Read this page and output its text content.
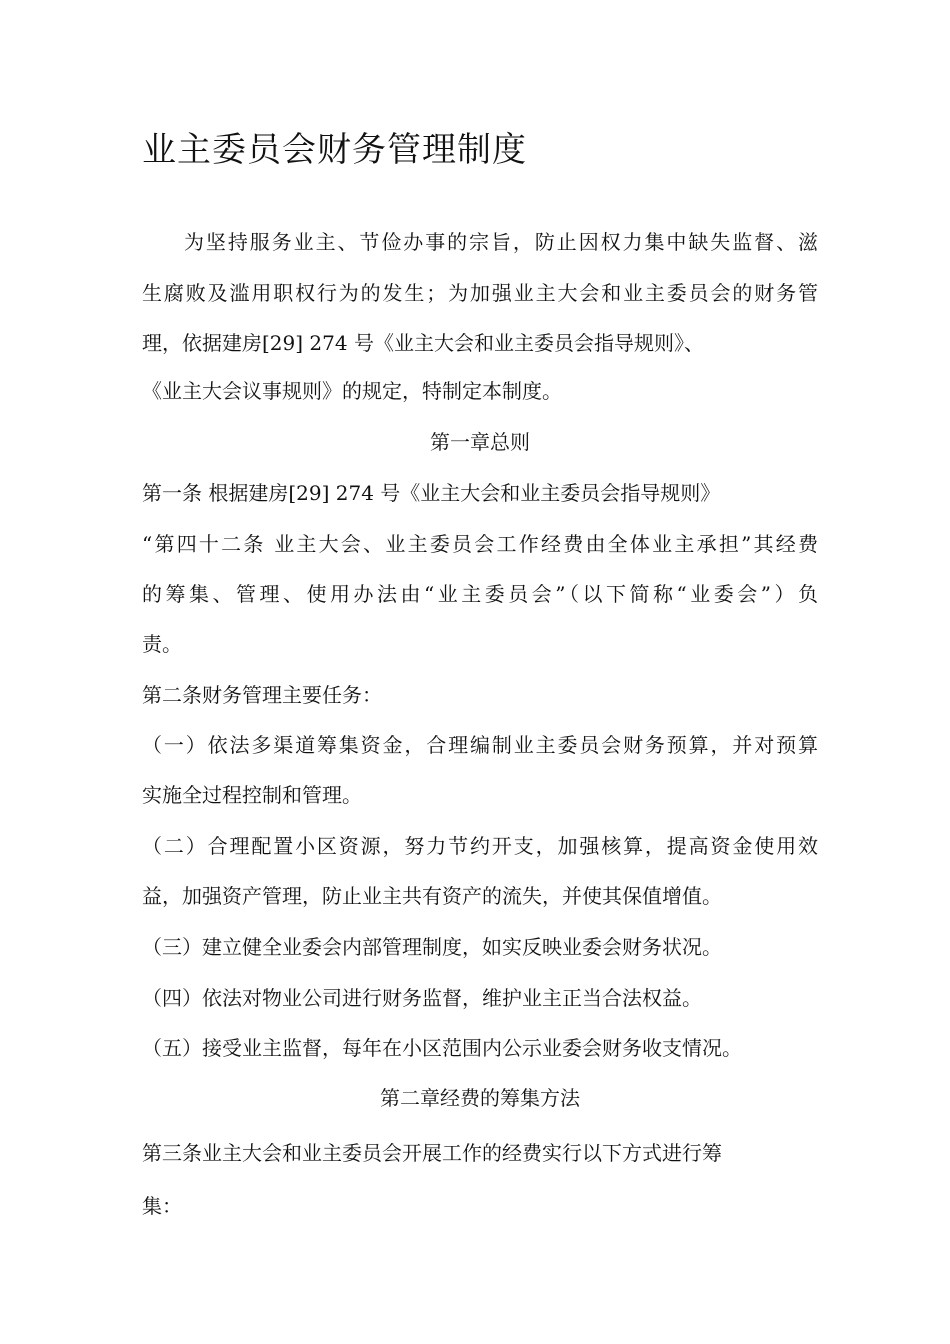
业主委员会财务管理制度

为坚持服务业主、节俭办事的宗旨，防止因权力集中缺失监督、滋

生腐败及滥用职权行为的发生；为加强业主大会和业主委员会的财务管

理，依据建房[29] 274 号《业主大会和业主委员会指导规则》、

《业主大会议事规则》的规定，特制定本制度。

第一章总则

第一条 根据建房[29] 274 号《业主大会和业主委员会指导规则》

“第四十二条 业主大会、业主委员会工作经费由全体业主承担”其经费

的筹集、管理、使用办法由“业主委员会”（以下简称“业委会”）负

责。

第二条财务管理主要任务：

（一）依法多渠道筹集资金，合理编制业主委员会财务预算，并对预算

实施全过程控制和管理。

（二）合理配置小区资源，努力节约开支，加强核算，提高资金使用效

益，加强资产管理，防止业主共有资产的流失，并使其保值增值。

（三）建立健全业委会内部管理制度，如实反映业委会财务状况。

（四）依法对物业公司进行财务监督，维护业主正当合法权益。

（五）接受业主监督，每年在小区范围内公示业委会财务收支情况。

第二章经费的筹集方法

第三条业主大会和业主委员会开展工作的经费实行以下方式进行筹

集：
